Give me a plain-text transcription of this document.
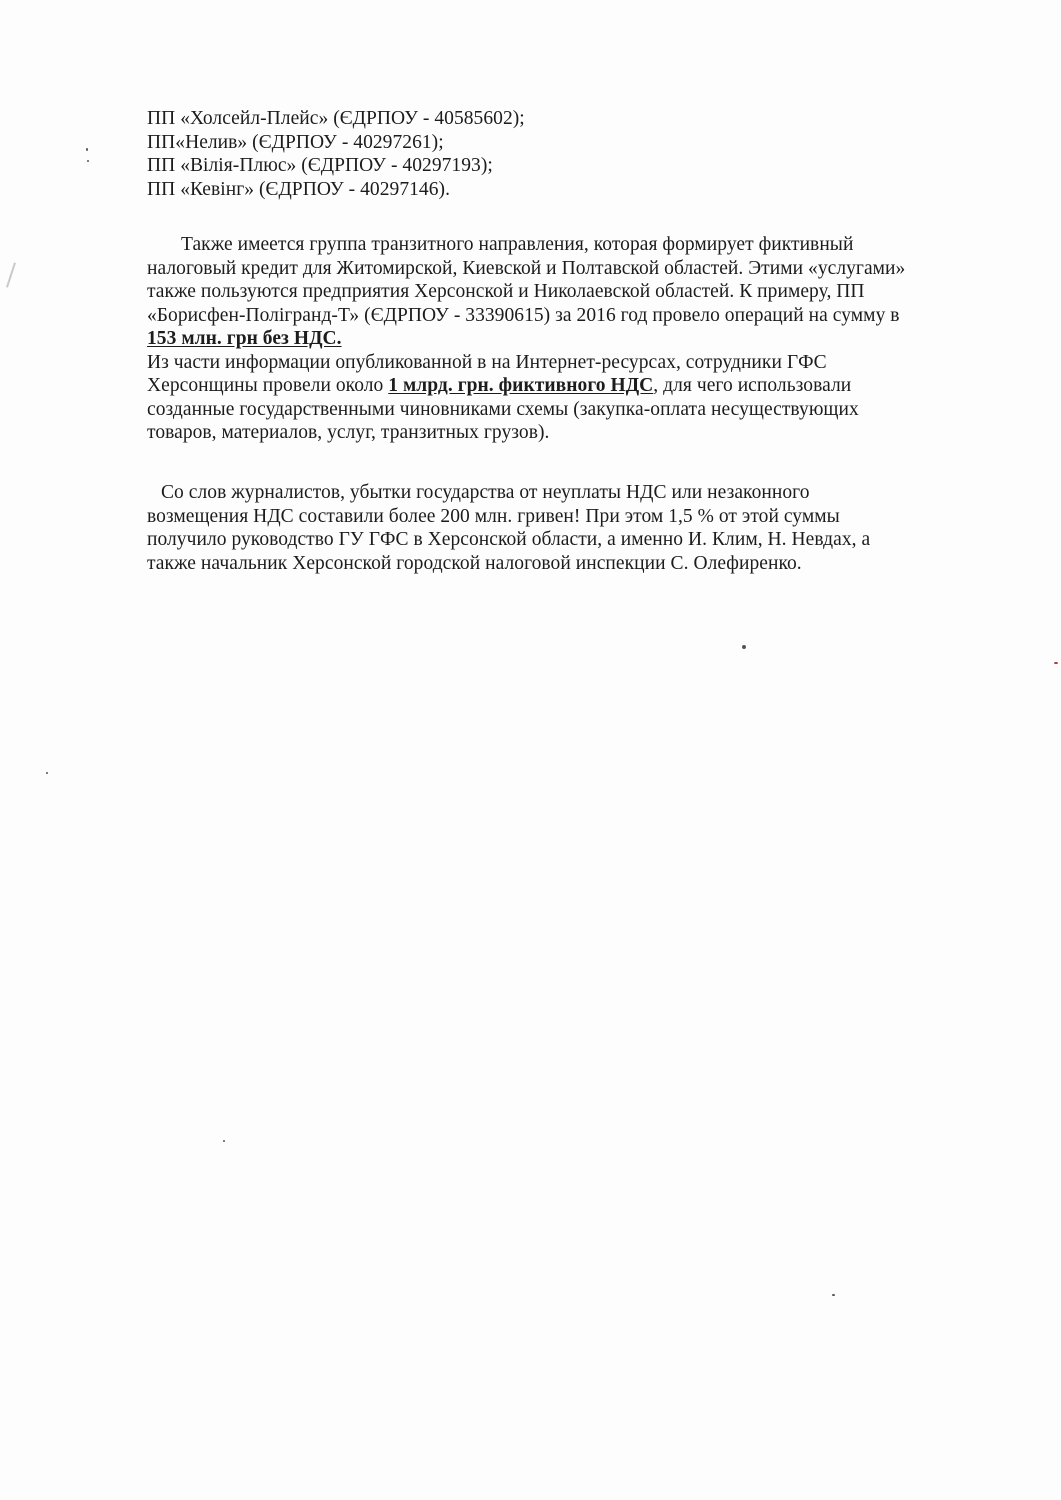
ПП «Холсейл-Плейс» (ЄДРПОУ - 40585602);
ПП«Нелив» (ЄДРПОУ - 40297261);
ПП «Вілія-Плюс» (ЄДРПОУ - 40297193);
ПП «Кевінг» (ЄДРПОУ - 40297146).
Также имеется группа транзитного направления, которая формирует фиктивный
налоговый кредит для Житомирской, Киевской и Полтавской областей. Этими «услугами»
также пользуются предприятия Херсонской и Николаевской областей. К примеру, ПП
«Борисфен-Полігранд-Т» (ЄДРПОУ - 33390615) за 2016 год провело операций на сумму в
153 млн. грн без НДС.
Из части информации опубликованной в на Интернет-ресурсах, сотрудники ГФС
Херсонщины провели около 1 млрд. грн. фиктивного НДС, для чего использовали
созданные государственными чиновниками схемы (закупка-оплата несуществующих
товаров, материалов, услуг, транзитных грузов).
Со слов журналистов, убытки государства от неуплаты НДС или незаконного
возмещения НДС составили более 200 млн. гривен! При этом 1,5 % от этой суммы
получило руководство ГУ ГФС в Херсонской области, а именно И. Клим, Н. Невдах, а
также начальник Херсонской городской налоговой инспекции С. Олефиренко.
